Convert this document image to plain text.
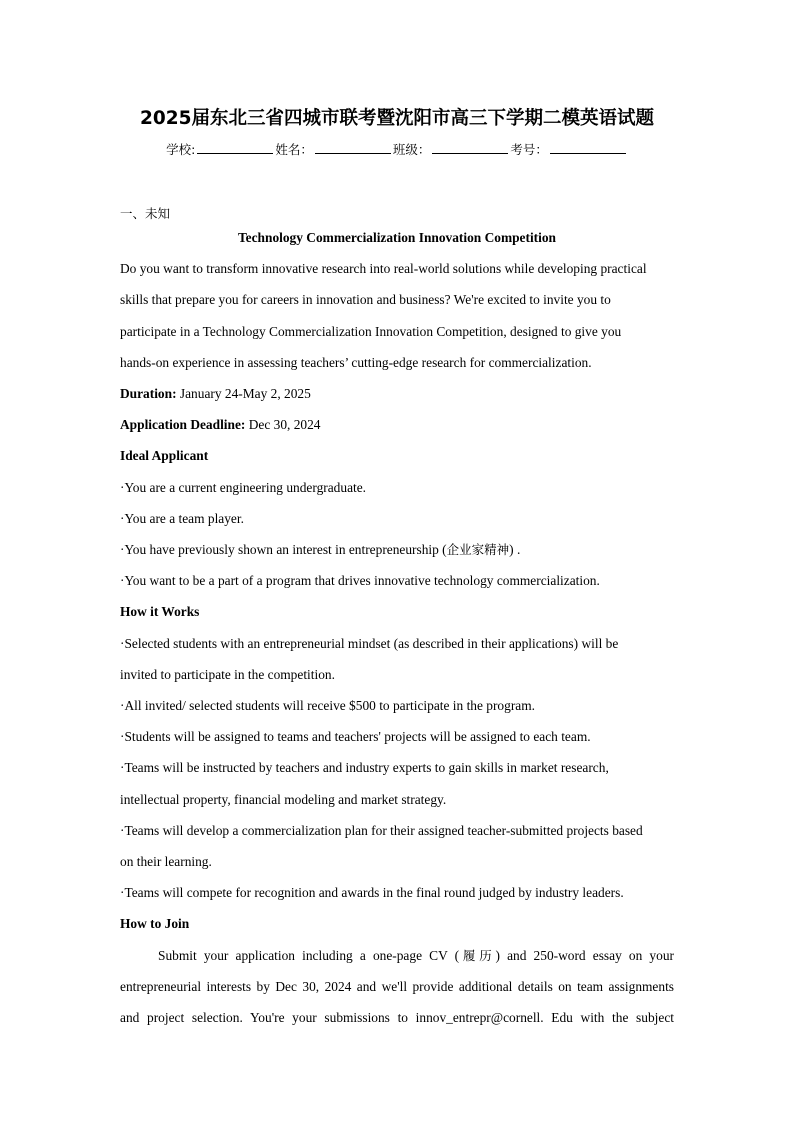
2025届东北三省四城市联考暨沈阳市高三下学期二模英语试题
学校:	姓名：	班级：	考号：
一、未知

Technology Commercialization Innovation Competition

Do you want to transform innovative research into real-world solutions while developing practical

skills that prepare you for careers in innovation and business? We're excited to invite you to

participate in a Technology Commercialization Innovation Competition, designed to give you

hands-on experience in assessing teachers’ cutting-edge research for commercialization.

Duration: January 24-May 2, 2025

Application Deadline: Dec 30, 2024

Ideal Applicant

·You are a current engineering undergraduate.

·You are a team player.

·You have previously shown an interest in entrepreneurship (企业家精神) .

·You want to be a part of a program that drives innovative technology commercialization.

How it Works

·Selected students with an entrepreneurial mindset (as described in their applications) will be

invited to participate in the competition.

·All invited/ selected students will receive $500 to participate in the program.

·Students will be assigned to teams and teachers' projects will be assigned to each team.

·Teams will be instructed by teachers and industry experts to gain skills in market research,

intellectual property, financial modeling and market strategy.

·Teams will develop a commercialization plan for their assigned teacher-submitted projects based

on their learning.

·Teams will compete for recognition and awards in the final round judged by industry leaders.

How to Join

Submit your application including a one-page CV (履历) and 250-word essay on your

entrepreneurial interests by Dec 30, 2024 and we'll provide additional details on team assignments

and project selection. You're your submissions to innov_entrepr@cornell. Edu with the subject
